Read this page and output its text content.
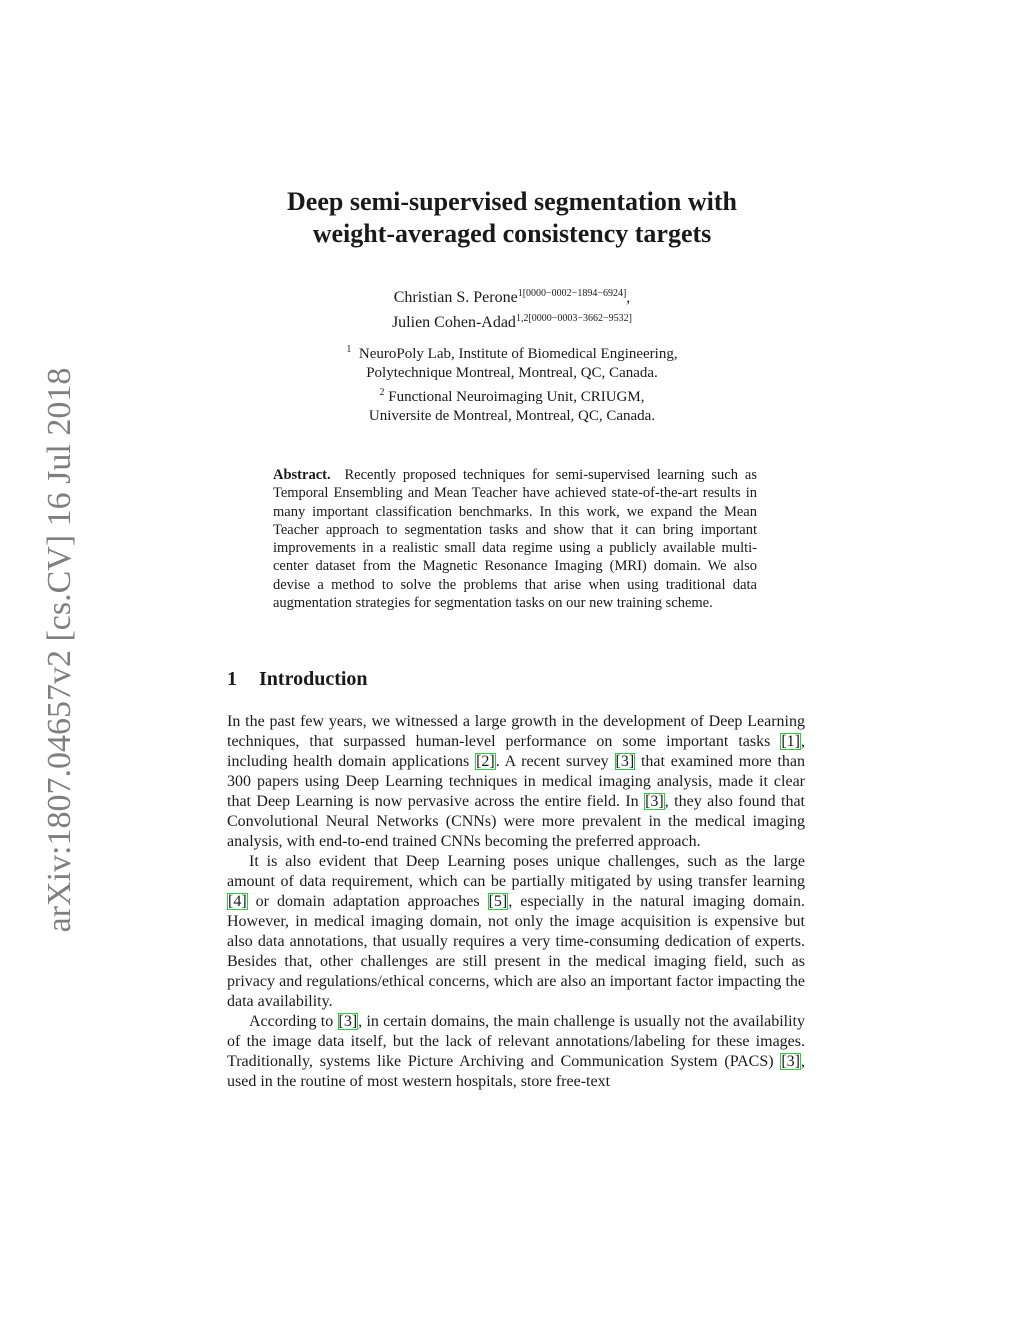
arXiv:1807.04657v2 [cs.CV] 16 Jul 2018
Deep semi-supervised segmentation with
weight-averaged consistency targets
Christian S. Perone$^{1[0000-0002-1894-6924]}$,
Julien Cohen-Adad$^{1,2[0000-0003-3662-9532]}$
$^1$ NeuroPoly Lab, Institute of Biomedical Engineering,
Polytechnique Montreal, Montreal, QC, Canada.
$^2$ Functional Neuroimaging Unit, CRIUGM,
Universite de Montreal, Montreal, QC, Canada.
Abstract. Recently proposed techniques for semi-supervised learning such as Temporal Ensembling and Mean Teacher have achieved state-of-the-art results in many important classification benchmarks. In this work, we expand the Mean Teacher approach to segmentation tasks and show that it can bring important improvements in a realistic small data regime using a publicly available multi-center dataset from the Magnetic Resonance Imaging (MRI) domain. We also devise a method to solve the problems that arise when using traditional data augmentation strategies for segmentation tasks on our new training scheme.
1 Introduction

In the past few years, we witnessed a large growth in the development of Deep Learning techniques, that surpassed human-level performance on some important tasks [1], including health domain applications [2]. A recent survey [3] that examined more than 300 papers using Deep Learning techniques in medical imaging analysis, made it clear that Deep Learning is now pervasive across the entire field. In [3], they also found that Convolutional Neural Networks (CNNs) were more prevalent in the medical imaging analysis, with end-to-end trained CNNs becoming the preferred approach.

It is also evident that Deep Learning poses unique challenges, such as the large amount of data requirement, which can be partially mitigated by using transfer learning [4] or domain adaptation approaches [5], especially in the natural imaging domain. However, in medical imaging domain, not only the image acquisition is expensive but also data annotations, that usually requires a very time-consuming dedication of experts. Besides that, other challenges are still present in the medical imaging field, such as privacy and regulations/ethical concerns, which are also an important factor impacting the data availability.

According to [3], in certain domains, the main challenge is usually not the availability of the image data itself, but the lack of relevant annotations/labeling for these images. Traditionally, systems like Picture Archiving and Communication System (PACS) [3], used in the routine of most western hospitals, store free-text
